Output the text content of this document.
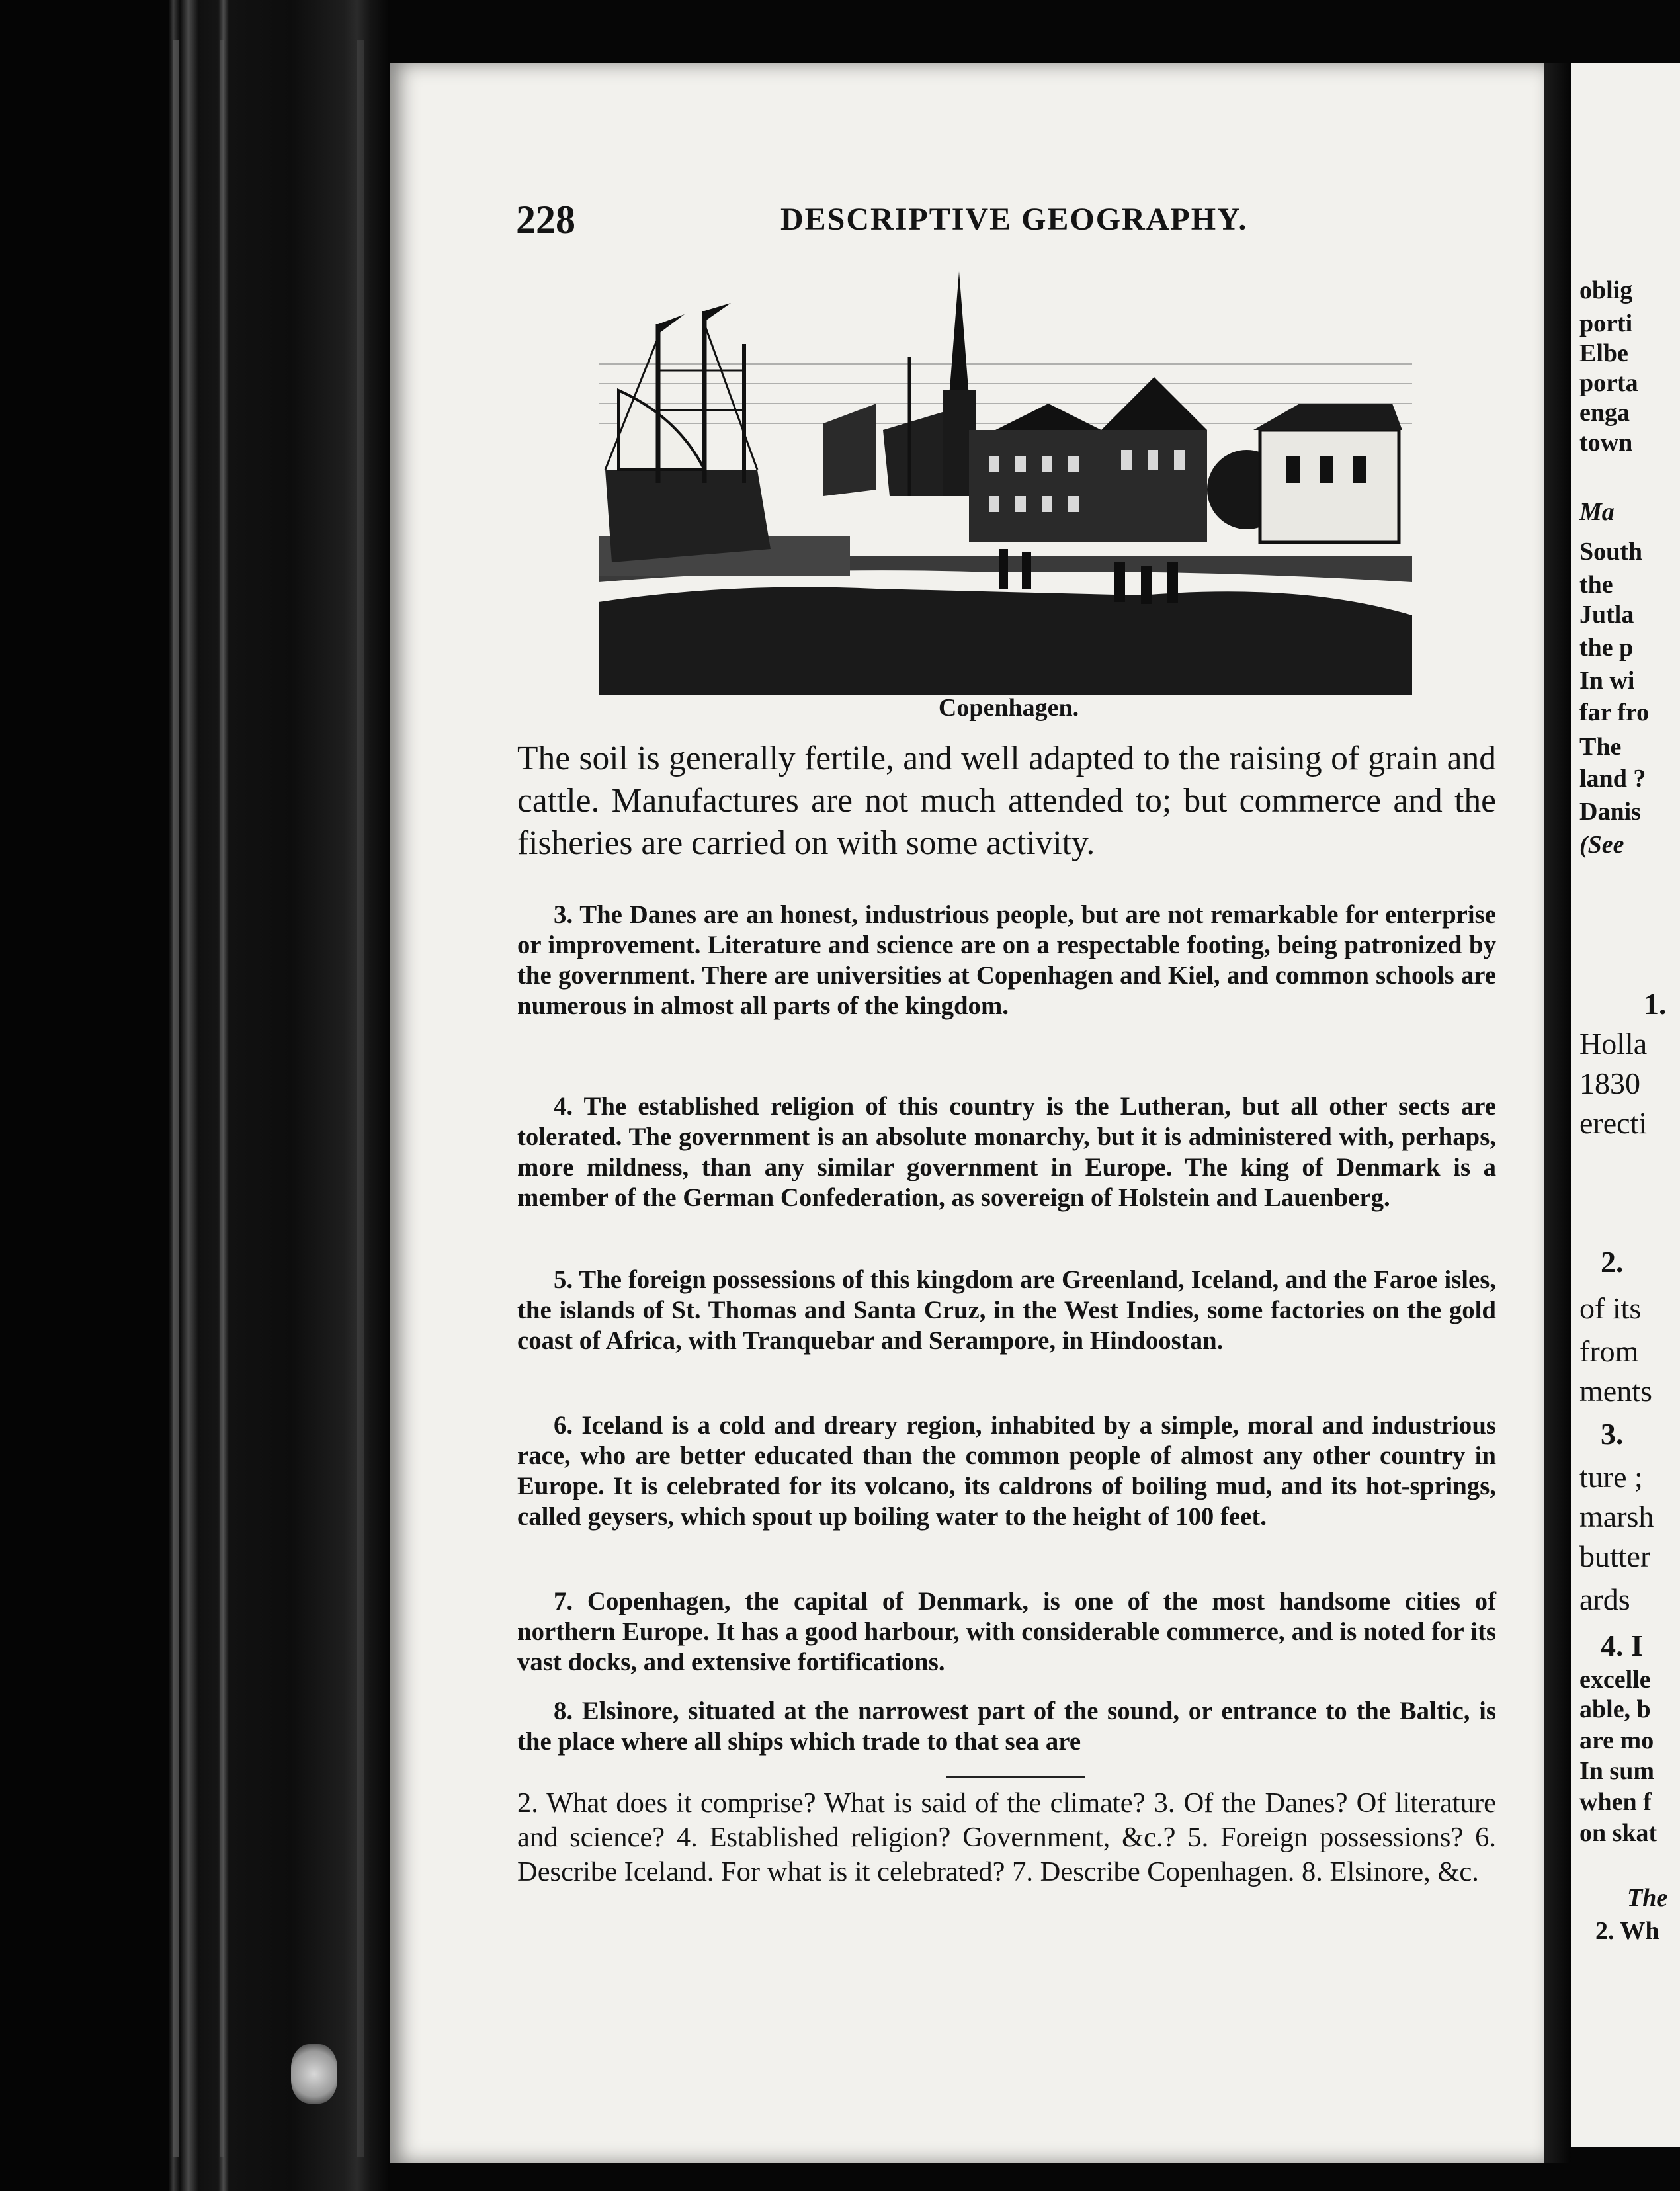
228	DESCRIPTIVE GEOGRAPHY.
Copenhagen.

The soil is generally fertile, and well adapted to the raising of grain and cattle. Manufactures are not much attended to; but commerce and the fisheries are carried on with some activity.

3. The Danes are an honest, industrious people, but are not remarkable for enterprise or improvement. Literature and science are on a respectable footing, being patronized by the government. There are universities at Copenhagen and Kiel, and common schools are numerous in almost all parts of the kingdom.

4. The established religion of this country is the Lutheran, but all other sects are tolerated. The government is an absolute monarchy, but it is administered with, perhaps, more mildness, than any similar government in Europe. The king of Denmark is a member of the German Confederation, as sovereign of Holstein and Lauenberg.

5. The foreign possessions of this kingdom are Greenland, Iceland, and the Faroe isles, the islands of St. Thomas and Santa Cruz, in the West Indies, some factories on the gold coast of Africa, with Tranquebar and Serampore, in Hindoostan.

6. Iceland is a cold and dreary region, inhabited by a simple, moral and industrious race, who are better educated than the common people of almost any other country in Europe. It is celebrated for its volcano, its caldrons of boiling mud, and its hot-springs, called geysers, which spout up boiling water to the height of 100 feet.

7. Copenhagen, the capital of Denmark, is one of the most handsome cities of northern Europe. It has a good harbour, with considerable commerce, and is noted for its vast docks, and extensive fortifications.

8. Elsinore, situated at the narrowest part of the sound, or entrance to the Baltic, is the place where all ships which trade to that sea are

2. What does it comprise? What is said of the climate? 3. Of the Danes? Of literature and science? 4. Established religion? Government, &c.? 5. Foreign possessions? 6. Describe Iceland. For what is it celebrated? 7. Describe Copenhagen. 8. Elsinore, &c.

oblig
porti
Elbe
porta
enga
town
Ma
South
the
Jutla
the p
In wi
far fro
The
land ?
Danis
(See
1.
Holla
1830
erecti
2.
of its
from
ments
3.
ture ;
marsh
butter
ards
4. I
excelle
able, b
are mo
In sum
when f
on skat
The
2. Wh
